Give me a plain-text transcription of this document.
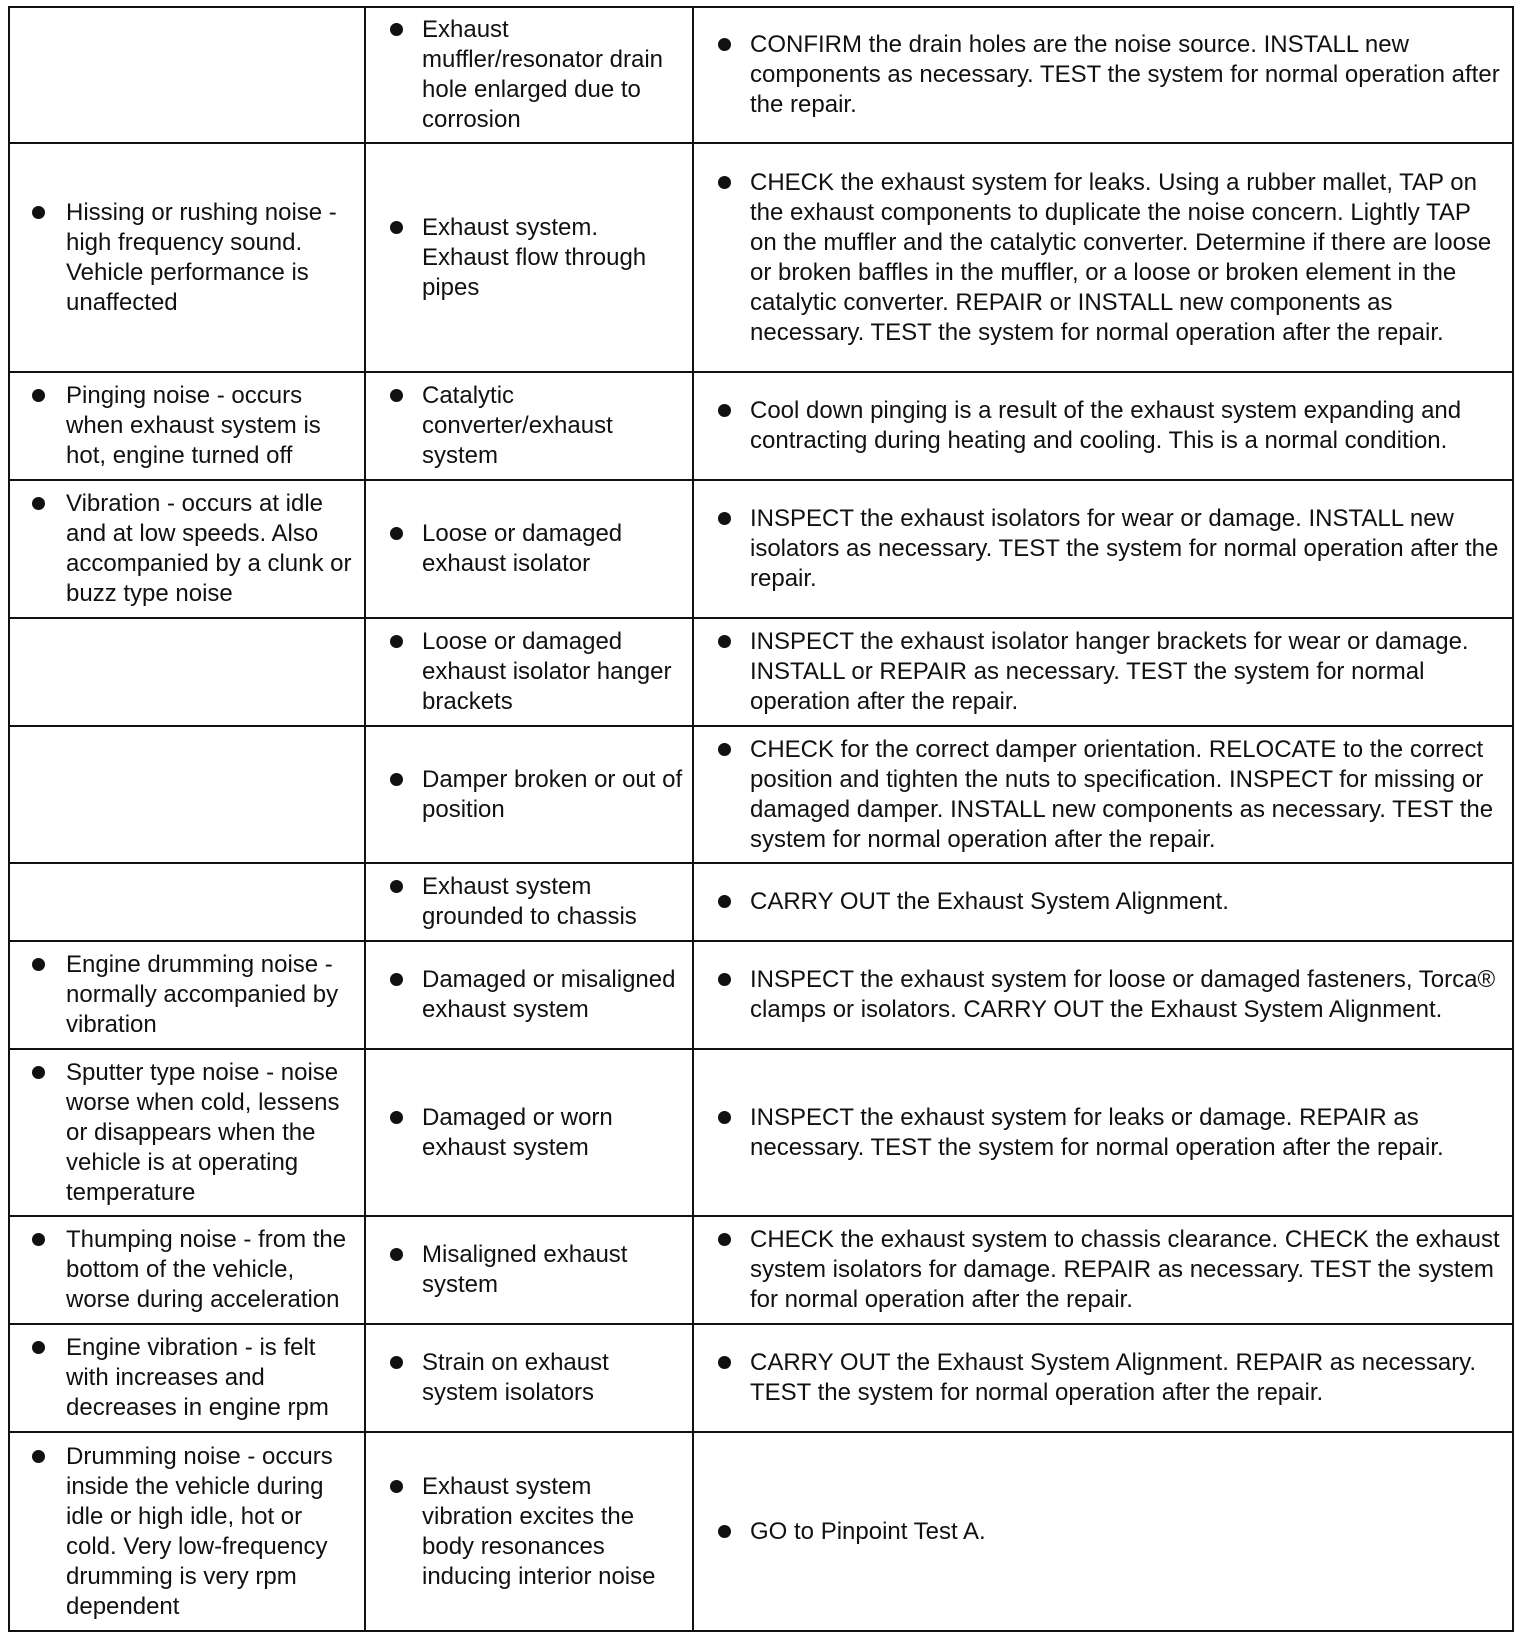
	Exhaust muffler/resonator drain hole enlarged due to corrosion	CONFIRM the drain holes are the noise source. INSTALL new components as necessary. TEST the system for normal operation after the repair.

Hissing or rushing noise - high frequency sound. Vehicle performance is unaffected	Exhaust system. Exhaust flow through pipes	CHECK the exhaust system for leaks. Using a rubber mallet, TAP on the exhaust components to duplicate the noise concern. Lightly TAP on the muffler and the catalytic converter. Determine if there are loose or broken baffles in the muffler, or a loose or broken element in the catalytic converter. REPAIR or INSTALL new components as necessary. TEST the system for normal operation after the repair.

Pinging noise - occurs when exhaust system is hot, engine turned off	Catalytic converter/exhaust system	Cool down pinging is a result of the exhaust system expanding and contracting during heating and cooling. This is a normal condition.

Vibration - occurs at idle and at low speeds. Also accompanied by a clunk or buzz type noise	Loose or damaged exhaust isolator	INSPECT the exhaust isolators for wear or damage. INSTALL new isolators as necessary. TEST the system for normal operation after the repair.

	Loose or damaged exhaust isolator hanger brackets	INSPECT the exhaust isolator hanger brackets for wear or damage. INSTALL or REPAIR as necessary. TEST the system for normal operation after the repair.

	Damper broken or out of position	CHECK for the correct damper orientation. RELOCATE to the correct position and tighten the nuts to specification. INSPECT for missing or damaged damper. INSTALL new components as necessary. TEST the system for normal operation after the repair.

	Exhaust system grounded to chassis	CARRY OUT the Exhaust System Alignment.

Engine drumming noise - normally accompanied by vibration	Damaged or misaligned exhaust system	INSPECT the exhaust system for loose or damaged fasteners, Torca® clamps or isolators. CARRY OUT the Exhaust System Alignment.

Sputter type noise - noise worse when cold, lessens or disappears when the vehicle is at operating temperature	Damaged or worn exhaust system	INSPECT the exhaust system for leaks or damage. REPAIR as necessary. TEST the system for normal operation after the repair.

Thumping noise - from the bottom of the vehicle, worse during acceleration	Misaligned exhaust system	CHECK the exhaust system to chassis clearance. CHECK the exhaust system isolators for damage. REPAIR as necessary. TEST the system for normal operation after the repair.

Engine vibration - is felt with increases and decreases in engine rpm	Strain on exhaust system isolators	CARRY OUT the Exhaust System Alignment. REPAIR as necessary. TEST the system for normal operation after the repair.

Drumming noise - occurs inside the vehicle during idle or high idle, hot or cold. Very low-frequency drumming is very rpm dependent	Exhaust system vibration excites the body resonances inducing interior noise	GO to Pinpoint Test A.
